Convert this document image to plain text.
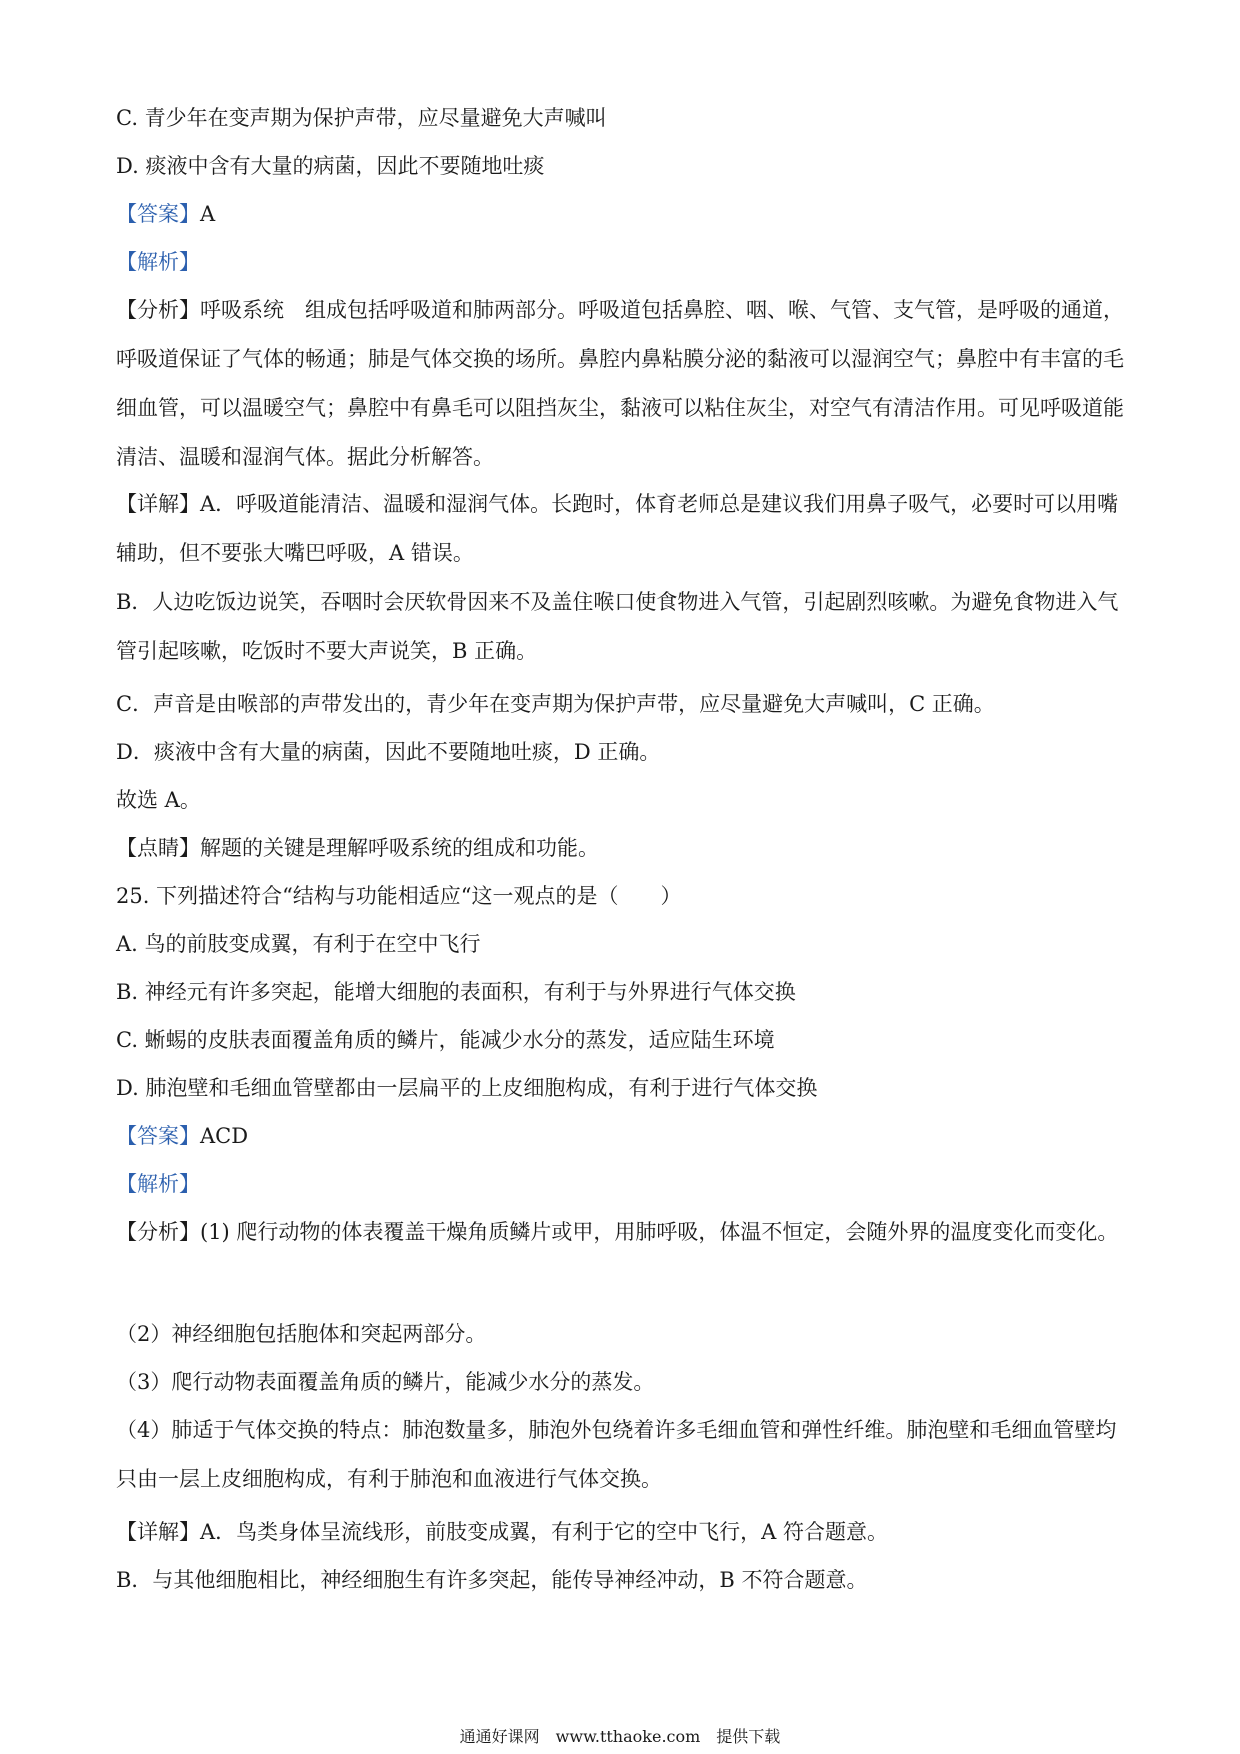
C. 青少年在变声期为保护声带，应尽量避免大声喊叫
D. 痰液中含有大量的病菌，因此不要随地吐痰
【答案】A
【解析】
【分析】呼吸系统　组成包括呼吸道和肺两部分。呼吸道包括鼻腔、咽、喉、气管、支气管，是呼吸的通道，呼吸道保证了气体的畅通；肺是气体交换的场所。鼻腔内鼻粘膜分泌的黏液可以湿润空气；鼻腔中有丰富的毛细血管，可以温暖空气；鼻腔中有鼻毛可以阻挡灰尘，黏液可以粘住灰尘，对空气有清洁作用。可见呼吸道能清洁、温暖和湿润气体。据此分析解答。
【详解】A．呼吸道能清洁、温暖和湿润气体。长跑时，体育老师总是建议我们用鼻子吸气，必要时可以用嘴辅助，但不要张大嘴巴呼吸，A 错误。
B．人边吃饭边说笑，吞咽时会厌软骨因来不及盖住喉口使食物进入气管，引起剧烈咳嗽。为避免食物进入气管引起咳嗽，吃饭时不要大声说笑，B 正确。
C．声音是由喉部的声带发出的，青少年在变声期为保护声带，应尽量避免大声喊叫，C 正确。
D．痰液中含有大量的病菌，因此不要随地吐痰，D 正确。
故选 A。
【点睛】解题的关键是理解呼吸系统的组成和功能。
25. 下列描述符合“结构与功能相适应“这一观点的是（　　）
A. 鸟的前肢变成翼，有利于在空中飞行
B. 神经元有许多突起，能增大细胞的表面积，有利于与外界进行气体交换
C. 蜥蜴的皮肤表面覆盖角质的鳞片，能减少水分的蒸发，适应陆生环境
D. 肺泡壁和毛细血管壁都由一层扁平的上皮细胞构成，有利于进行气体交换
【答案】ACD
【解析】
【分析】(1) 爬行动物的体表覆盖干燥角质鳞片或甲，用肺呼吸，体温不恒定，会随外界的温度变化而变化。
（2）神经细胞包括胞体和突起两部分。
（3）爬行动物表面覆盖角质的鳞片，能减少水分的蒸发。
（4）肺适于气体交换的特点：肺泡数量多，肺泡外包绕着许多毛细血管和弹性纤维。肺泡壁和毛细血管壁均只由一层上皮细胞构成，有利于肺泡和血液进行气体交换。
【详解】A．鸟类身体呈流线形，前肢变成翼，有利于它的空中飞行，A 符合题意。
B．与其他细胞相比，神经细胞生有许多突起，能传导神经冲动，B 不符合题意。
通通好课网　www.tthaoke.com　提供下载
